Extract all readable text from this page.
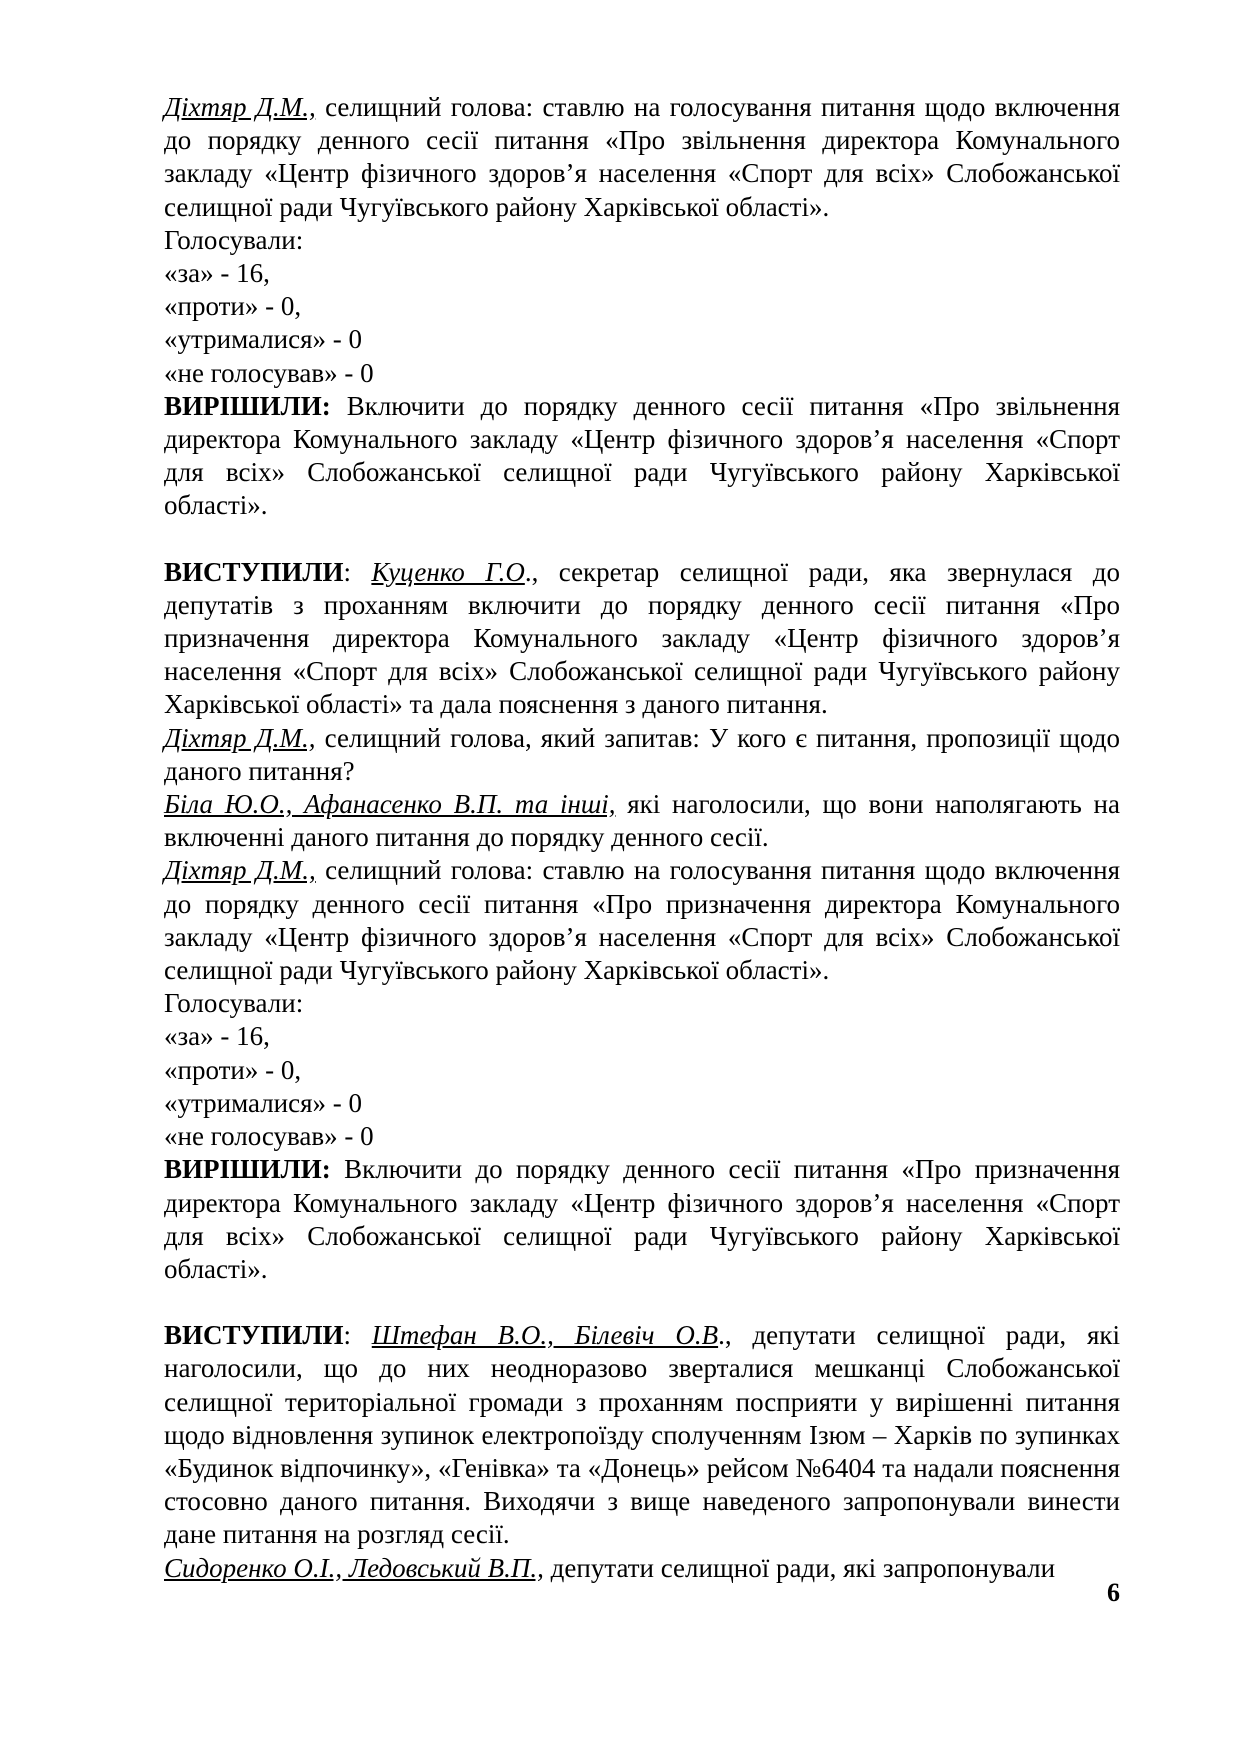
Діхтяр Д.М., селищний голова: ставлю на голосування питання щодо включення до порядку денного сесії питання «Про звільнення директора Комунального закладу «Центр фізичного здоров’я населення «Спорт для всіх» Слобожанської селищної ради Чугуївського району Харківської області».

Голосували:

«за» - 16,

«проти» - 0,

«утрималися» - 0

«не голосував» - 0

ВИРІШИЛИ: Включити до порядку денного сесії питання «Про звільнення директора Комунального закладу «Центр фізичного здоров’я населення «Спорт для всіх» Слобожанської селищної ради Чугуївського району Харківської області».

ВИСТУПИЛИ: Куценко Г.О., секретар селищної ради, яка звернулася до депутатів з проханням включити до порядку денного сесії питання «Про призначення директора Комунального закладу «Центр фізичного здоров’я населення «Спорт для всіх» Слобожанської селищної ради Чугуївського району Харківської області» та дала пояснення з даного питання.

Діхтяр Д.М., селищний голова, який запитав: У кого є питання, пропозиції щодо даного питання?

Біла Ю.О., Афанасенко В.П. та інші, які наголосили, що вони наполягають на включенні даного питання до порядку денного сесії.

Діхтяр Д.М., селищний голова: ставлю на голосування питання щодо включення до порядку денного сесії питання «Про призначення директора Комунального закладу «Центр фізичного здоров’я населення «Спорт для всіх» Слобожанської селищної ради Чугуївського району Харківської області».

Голосували:

«за» - 16,

«проти» - 0,

«утрималися» - 0

«не голосував» - 0

ВИРІШИЛИ: Включити до порядку денного сесії питання «Про призначення директора Комунального закладу «Центр фізичного здоров’я населення «Спорт для всіх» Слобожанської селищної ради Чугуївського району Харківської області».

ВИСТУПИЛИ: Штефан В.О., Білевіч О.В., депутати селищної ради, які наголосили, що до них неодноразово зверталися мешканці Слобожанської селищної територіальної громади з проханням посприяти у вирішенні питання щодо відновлення зупинок електропоїзду сполученням Ізюм – Харків по зупинках «Будинок відпочинку», «Генівка» та «Донець» рейсом №6404 та надали пояснення стосовно даного питання. Виходячи з вище наведеного запропонували винести дане питання на розгляд сесії.

Сидоренко О.І., Ледовський В.П., депутати селищної ради, які запропонували

6
